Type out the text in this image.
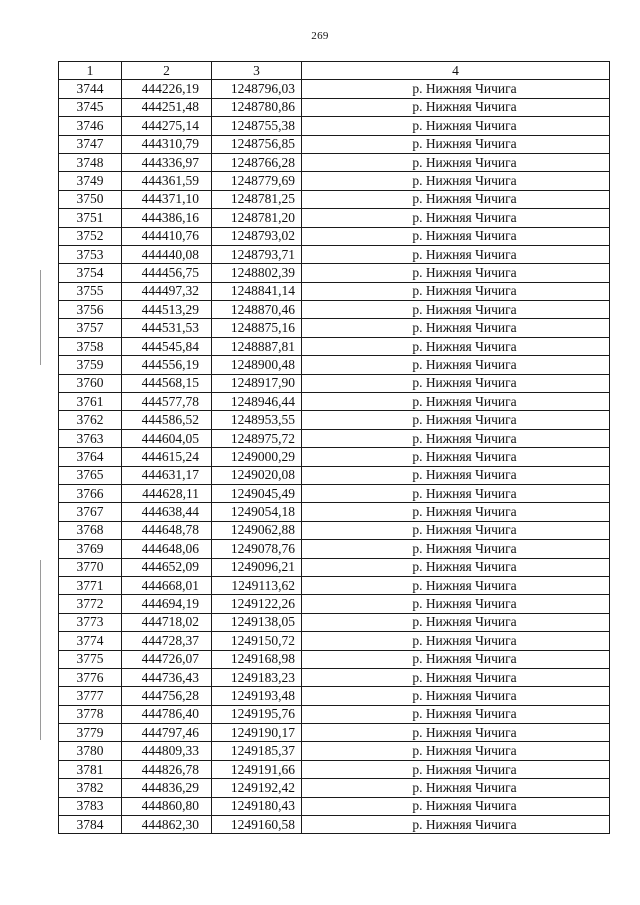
269
1	2	3	4
3744	444226,19	1248796,03	р. Нижняя Чичига
3745	444251,48	1248780,86	р. Нижняя Чичига
3746	444275,14	1248755,38	р. Нижняя Чичига
3747	444310,79	1248756,85	р. Нижняя Чичига
3748	444336,97	1248766,28	р. Нижняя Чичига
3749	444361,59	1248779,69	р. Нижняя Чичига
3750	444371,10	1248781,25	р. Нижняя Чичига
3751	444386,16	1248781,20	р. Нижняя Чичига
3752	444410,76	1248793,02	р. Нижняя Чичига
3753	444440,08	1248793,71	р. Нижняя Чичига
3754	444456,75	1248802,39	р. Нижняя Чичига
3755	444497,32	1248841,14	р. Нижняя Чичига
3756	444513,29	1248870,46	р. Нижняя Чичига
3757	444531,53	1248875,16	р. Нижняя Чичига
3758	444545,84	1248887,81	р. Нижняя Чичига
3759	444556,19	1248900,48	р. Нижняя Чичига
3760	444568,15	1248917,90	р. Нижняя Чичига
3761	444577,78	1248946,44	р. Нижняя Чичига
3762	444586,52	1248953,55	р. Нижняя Чичига
3763	444604,05	1248975,72	р. Нижняя Чичига
3764	444615,24	1249000,29	р. Нижняя Чичига
3765	444631,17	1249020,08	р. Нижняя Чичига
3766	444628,11	1249045,49	р. Нижняя Чичига
3767	444638,44	1249054,18	р. Нижняя Чичига
3768	444648,78	1249062,88	р. Нижняя Чичига
3769	444648,06	1249078,76	р. Нижняя Чичига
3770	444652,09	1249096,21	р. Нижняя Чичига
3771	444668,01	1249113,62	р. Нижняя Чичига
3772	444694,19	1249122,26	р. Нижняя Чичига
3773	444718,02	1249138,05	р. Нижняя Чичига
3774	444728,37	1249150,72	р. Нижняя Чичига
3775	444726,07	1249168,98	р. Нижняя Чичига
3776	444736,43	1249183,23	р. Нижняя Чичига
3777	444756,28	1249193,48	р. Нижняя Чичига
3778	444786,40	1249195,76	р. Нижняя Чичига
3779	444797,46	1249190,17	р. Нижняя Чичига
3780	444809,33	1249185,37	р. Нижняя Чичига
3781	444826,78	1249191,66	р. Нижняя Чичига
3782	444836,29	1249192,42	р. Нижняя Чичига
3783	444860,80	1249180,43	р. Нижняя Чичига
3784	444862,30	1249160,58	р. Нижняя Чичига
